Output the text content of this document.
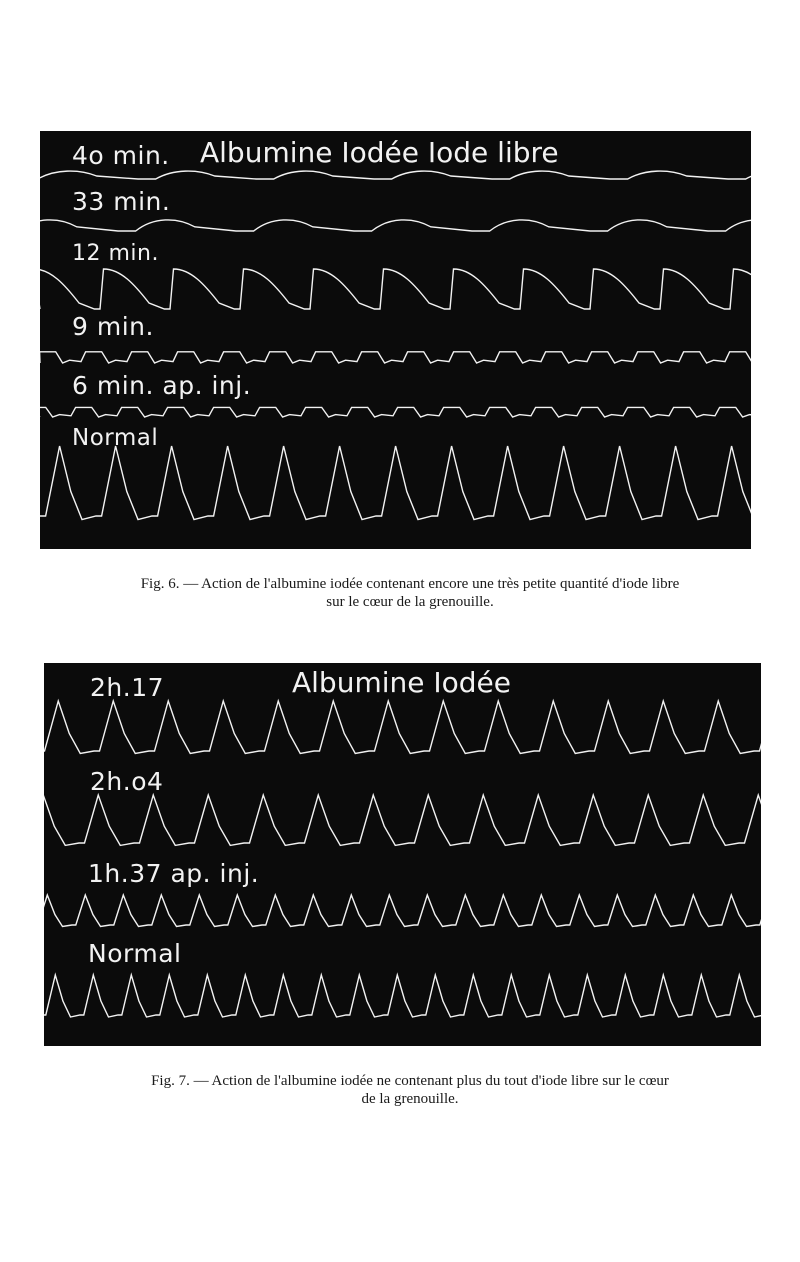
Albumine Iodée Iode libre
4o min.
33 min.
12 min.
9 min.
6 min. ap. inj.
Normal
Fig. 6. — Action de l'albumine iodée contenant encore une très petite quantité d'iode libre
sur le cœur de la grenouille.
Albumine Iodée
2h.17
2h.o4
1h.37 ap. inj.
Normal
Fig. 7. — Action de l'albumine iodée ne contenant plus du tout d'iode libre sur le cœur
de la grenouille.
